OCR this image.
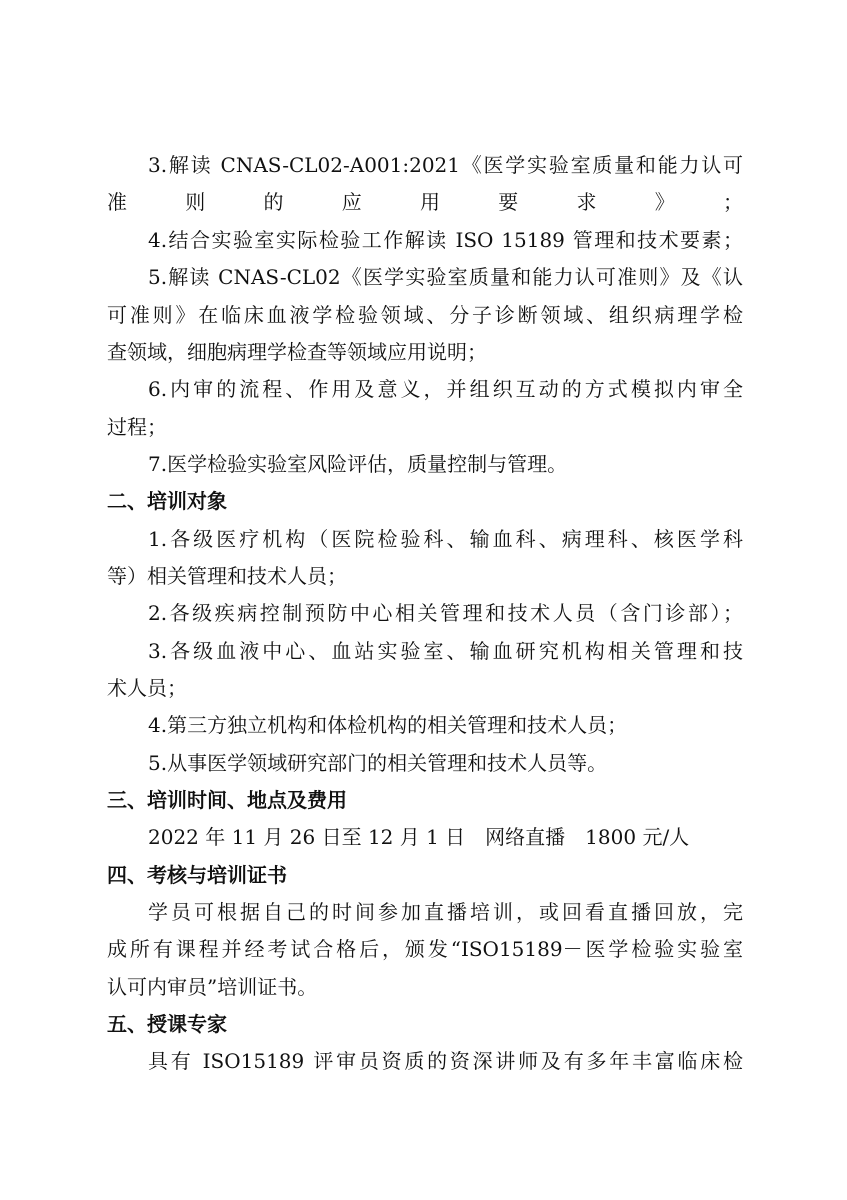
3.解读 CNAS-CL02-A001:2021《医学实验室质量和能力认可
准则的应用要求》；
4.结合实验室实际检验工作解读 ISO 15189 管理和技术要素；
5.解读 CNAS-CL02《医学实验室质量和能力认可准则》及《认
可准则》在临床血液学检验领域、分子诊断领域、组织病理学检
查领域，细胞病理学检查等领域应用说明；
6.内审的流程、作用及意义，并组织互动的方式模拟内审全
过程；
7.医学检验实验室风险评估，质量控制与管理。
二、培训对象
1.各级医疗机构（医院检验科、输血科、病理科、核医学科
等）相关管理和技术人员；
2.各级疾病控制预防中心相关管理和技术人员（含门诊部）；
3.各级血液中心、血站实验室、输血研究机构相关管理和技
术人员；
4.第三方独立机构和体检机构的相关管理和技术人员；
5.从事医学领域研究部门的相关管理和技术人员等。
三、培训时间、地点及费用
2022 年 11 月 26 日至 12 月 1 日　网络直播　1800 元/人
四、考核与培训证书
学员可根据自己的时间参加直播培训，或回看直播回放，完
成所有课程并经考试合格后，颁发“ISO15189－医学检验实验室
认可内审员”培训证书。
五、授课专家
具有 ISO15189 评审员资质的资深讲师及有多年丰富临床检
